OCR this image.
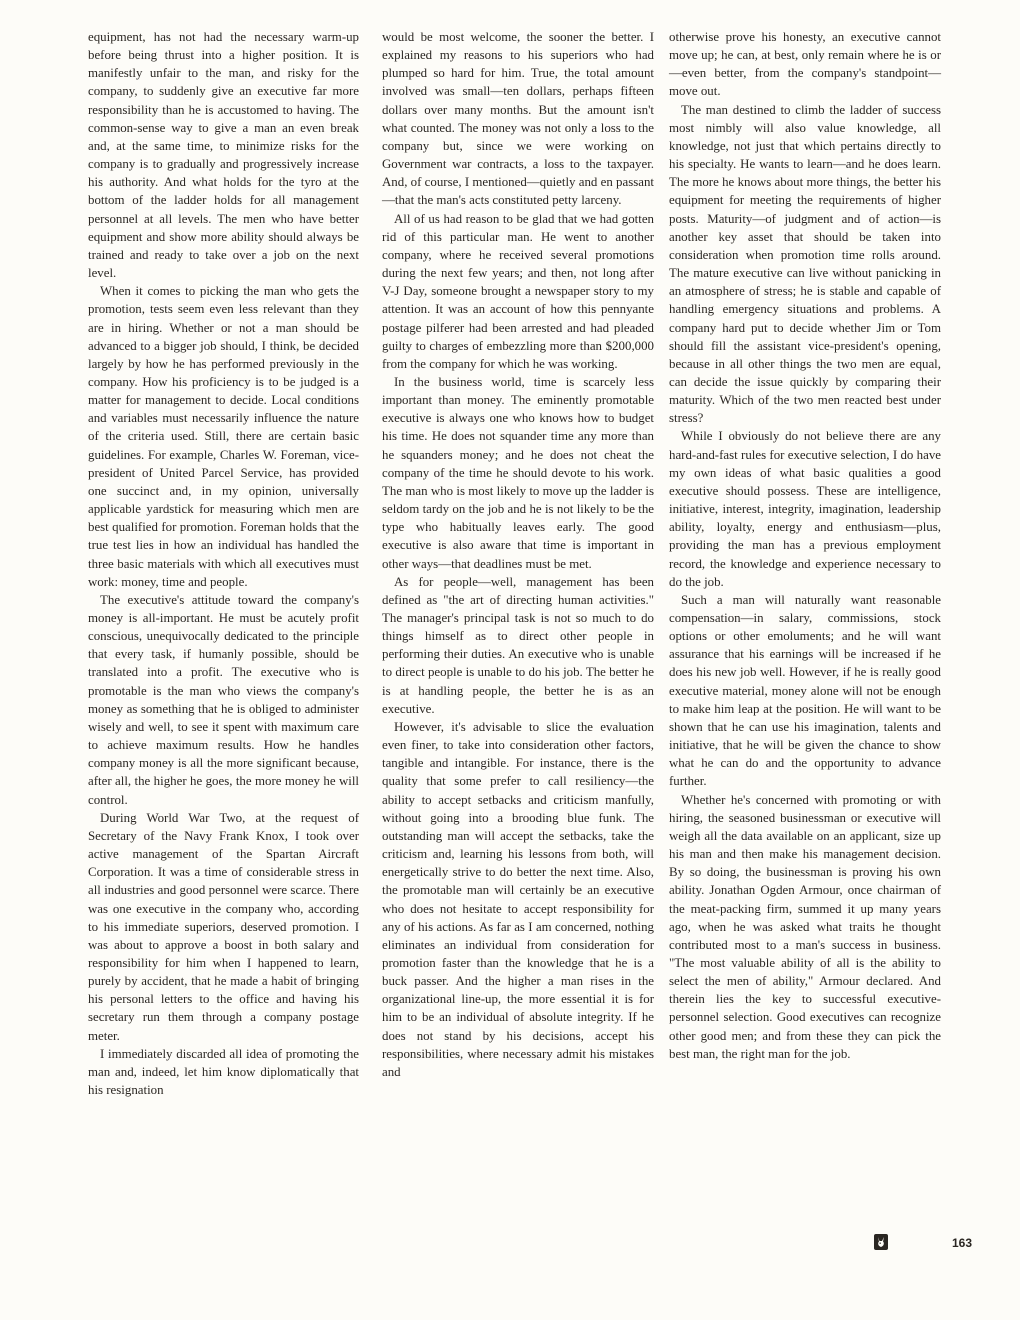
equipment, has not had the necessary warm-up before being thrust into a higher position. It is manifestly unfair to the man, and risky for the company, to suddenly give an executive far more responsibility than he is accustomed to having. The common-sense way to give a man an even break and, at the same time, to minimize risks for the company is to gradually and progressively increase his authority. And what holds for the tyro at the bottom of the ladder holds for all management personnel at all levels. The men who have better equipment and show more ability should always be trained and ready to take over a job on the next level.

When it comes to picking the man who gets the promotion, tests seem even less relevant than they are in hiring. Whether or not a man should be advanced to a bigger job should, I think, be decided largely by how he has performed previously in the company. How his proficiency is to be judged is a matter for management to decide. Local conditions and variables must necessarily influence the nature of the criteria used. Still, there are certain basic guidelines. For example, Charles W. Foreman, vice-president of United Parcel Service, has provided one succinct and, in my opinion, universally applicable yardstick for measuring which men are best qualified for promotion. Foreman holds that the true test lies in how an individual has handled the three basic materials with which all executives must work: money, time and people.

The executive's attitude toward the company's money is all-important. He must be acutely profit conscious, unequivocally dedicated to the principle that every task, if humanly possible, should be translated into a profit. The executive who is promotable is the man who views the company's money as something that he is obliged to administer wisely and well, to see it spent with maximum care to achieve maximum results. How he handles company money is all the more significant because, after all, the higher he goes, the more money he will control.

During World War Two, at the request of Secretary of the Navy Frank Knox, I took over active management of the Spartan Aircraft Corporation. It was a time of considerable stress in all industries and good personnel were scarce. There was one executive in the company who, according to his immediate superiors, deserved promotion. I was about to approve a boost in both salary and responsibility for him when I happened to learn, purely by accident, that he made a habit of bringing his personal letters to the office and having his secretary run them through a company postage meter.

I immediately discarded all idea of promoting the man and, indeed, let him know diplomatically that his resignation

would be most welcome, the sooner the better. I explained my reasons to his superiors who had plumped so hard for him. True, the total amount involved was small—ten dollars, perhaps fifteen dollars over many months. But the amount isn't what counted. The money was not only a loss to the company but, since we were working on Government war contracts, a loss to the taxpayer. And, of course, I mentioned—quietly and en passant—that the man's acts constituted petty larceny.

All of us had reason to be glad that we had gotten rid of this particular man. He went to another company, where he received several promotions during the next few years; and then, not long after V-J Day, someone brought a newspaper story to my attention. It was an account of how this pennyante postage pilferer had been arrested and had pleaded guilty to charges of embezzling more than $200,000 from the company for which he was working.

In the business world, time is scarcely less important than money. The eminently promotable executive is always one who knows how to budget his time. He does not squander time any more than he squanders money; and he does not cheat the company of the time he should devote to his work. The man who is most likely to move up the ladder is seldom tardy on the job and he is not likely to be the type who habitually leaves early. The good executive is also aware that time is important in other ways—that deadlines must be met.

As for people—well, management has been defined as "the art of directing human activities." The manager's principal task is not so much to do things himself as to direct other people in performing their duties. An executive who is unable to direct people is unable to do his job. The better he is at handling people, the better he is as an executive.

However, it's advisable to slice the evaluation even finer, to take into consideration other factors, tangible and intangible. For instance, there is the quality that some prefer to call resiliency—the ability to accept setbacks and criticism manfully, without going into a brooding blue funk. The outstanding man will accept the setbacks, take the criticism and, learning his lessons from both, will energetically strive to do better the next time. Also, the promotable man will certainly be an executive who does not hesitate to accept responsibility for any of his actions. As far as I am concerned, nothing eliminates an individual from consideration for promotion faster than the knowledge that he is a buck passer. And the higher a man rises in the organizational line-up, the more essential it is for him to be an individual of absolute integrity. If he does not stand by his decisions, accept his responsibilities, where necessary admit his mistakes and

otherwise prove his honesty, an executive cannot move up; he can, at best, only remain where he is or—even better, from the company's standpoint—move out.

The man destined to climb the ladder of success most nimbly will also value knowledge, all knowledge, not just that which pertains directly to his specialty. He wants to learn—and he does learn. The more he knows about more things, the better his equipment for meeting the requirements of higher posts. Maturity—of judgment and of action—is another key asset that should be taken into consideration when promotion time rolls around. The mature executive can live without panicking in an atmosphere of stress; he is stable and capable of handling emergency situations and problems. A company hard put to decide whether Jim or Tom should fill the assistant vice-president's opening, because in all other things the two men are equal, can decide the issue quickly by comparing their maturity. Which of the two men reacted best under stress?

While I obviously do not believe there are any hard-and-fast rules for executive selection, I do have my own ideas of what basic qualities a good executive should possess. These are intelligence, initiative, interest, integrity, imagination, leadership ability, loyalty, energy and enthusiasm—plus, providing the man has a previous employment record, the knowledge and experience necessary to do the job.

Such a man will naturally want reasonable compensation—in salary, commissions, stock options or other emoluments; and he will want assurance that his earnings will be increased if he does his new job well. However, if he is really good executive material, money alone will not be enough to make him leap at the position. He will want to be shown that he can use his imagination, talents and initiative, that he will be given the chance to show what he can do and the opportunity to advance further.

Whether he's concerned with promoting or with hiring, the seasoned businessman or executive will weigh all the data available on an applicant, size up his man and then make his management decision. By so doing, the businessman is proving his own ability. Jonathan Ogden Armour, once chairman of the meat-packing firm, summed it up many years ago, when he was asked what traits he thought contributed most to a man's success in business. "The most valuable ability of all is the ability to select the men of ability," Armour declared. And therein lies the key to successful executive-personnel selection. Good executives can recognize other good men; and from these they can pick the best man, the right man for the job.

163
